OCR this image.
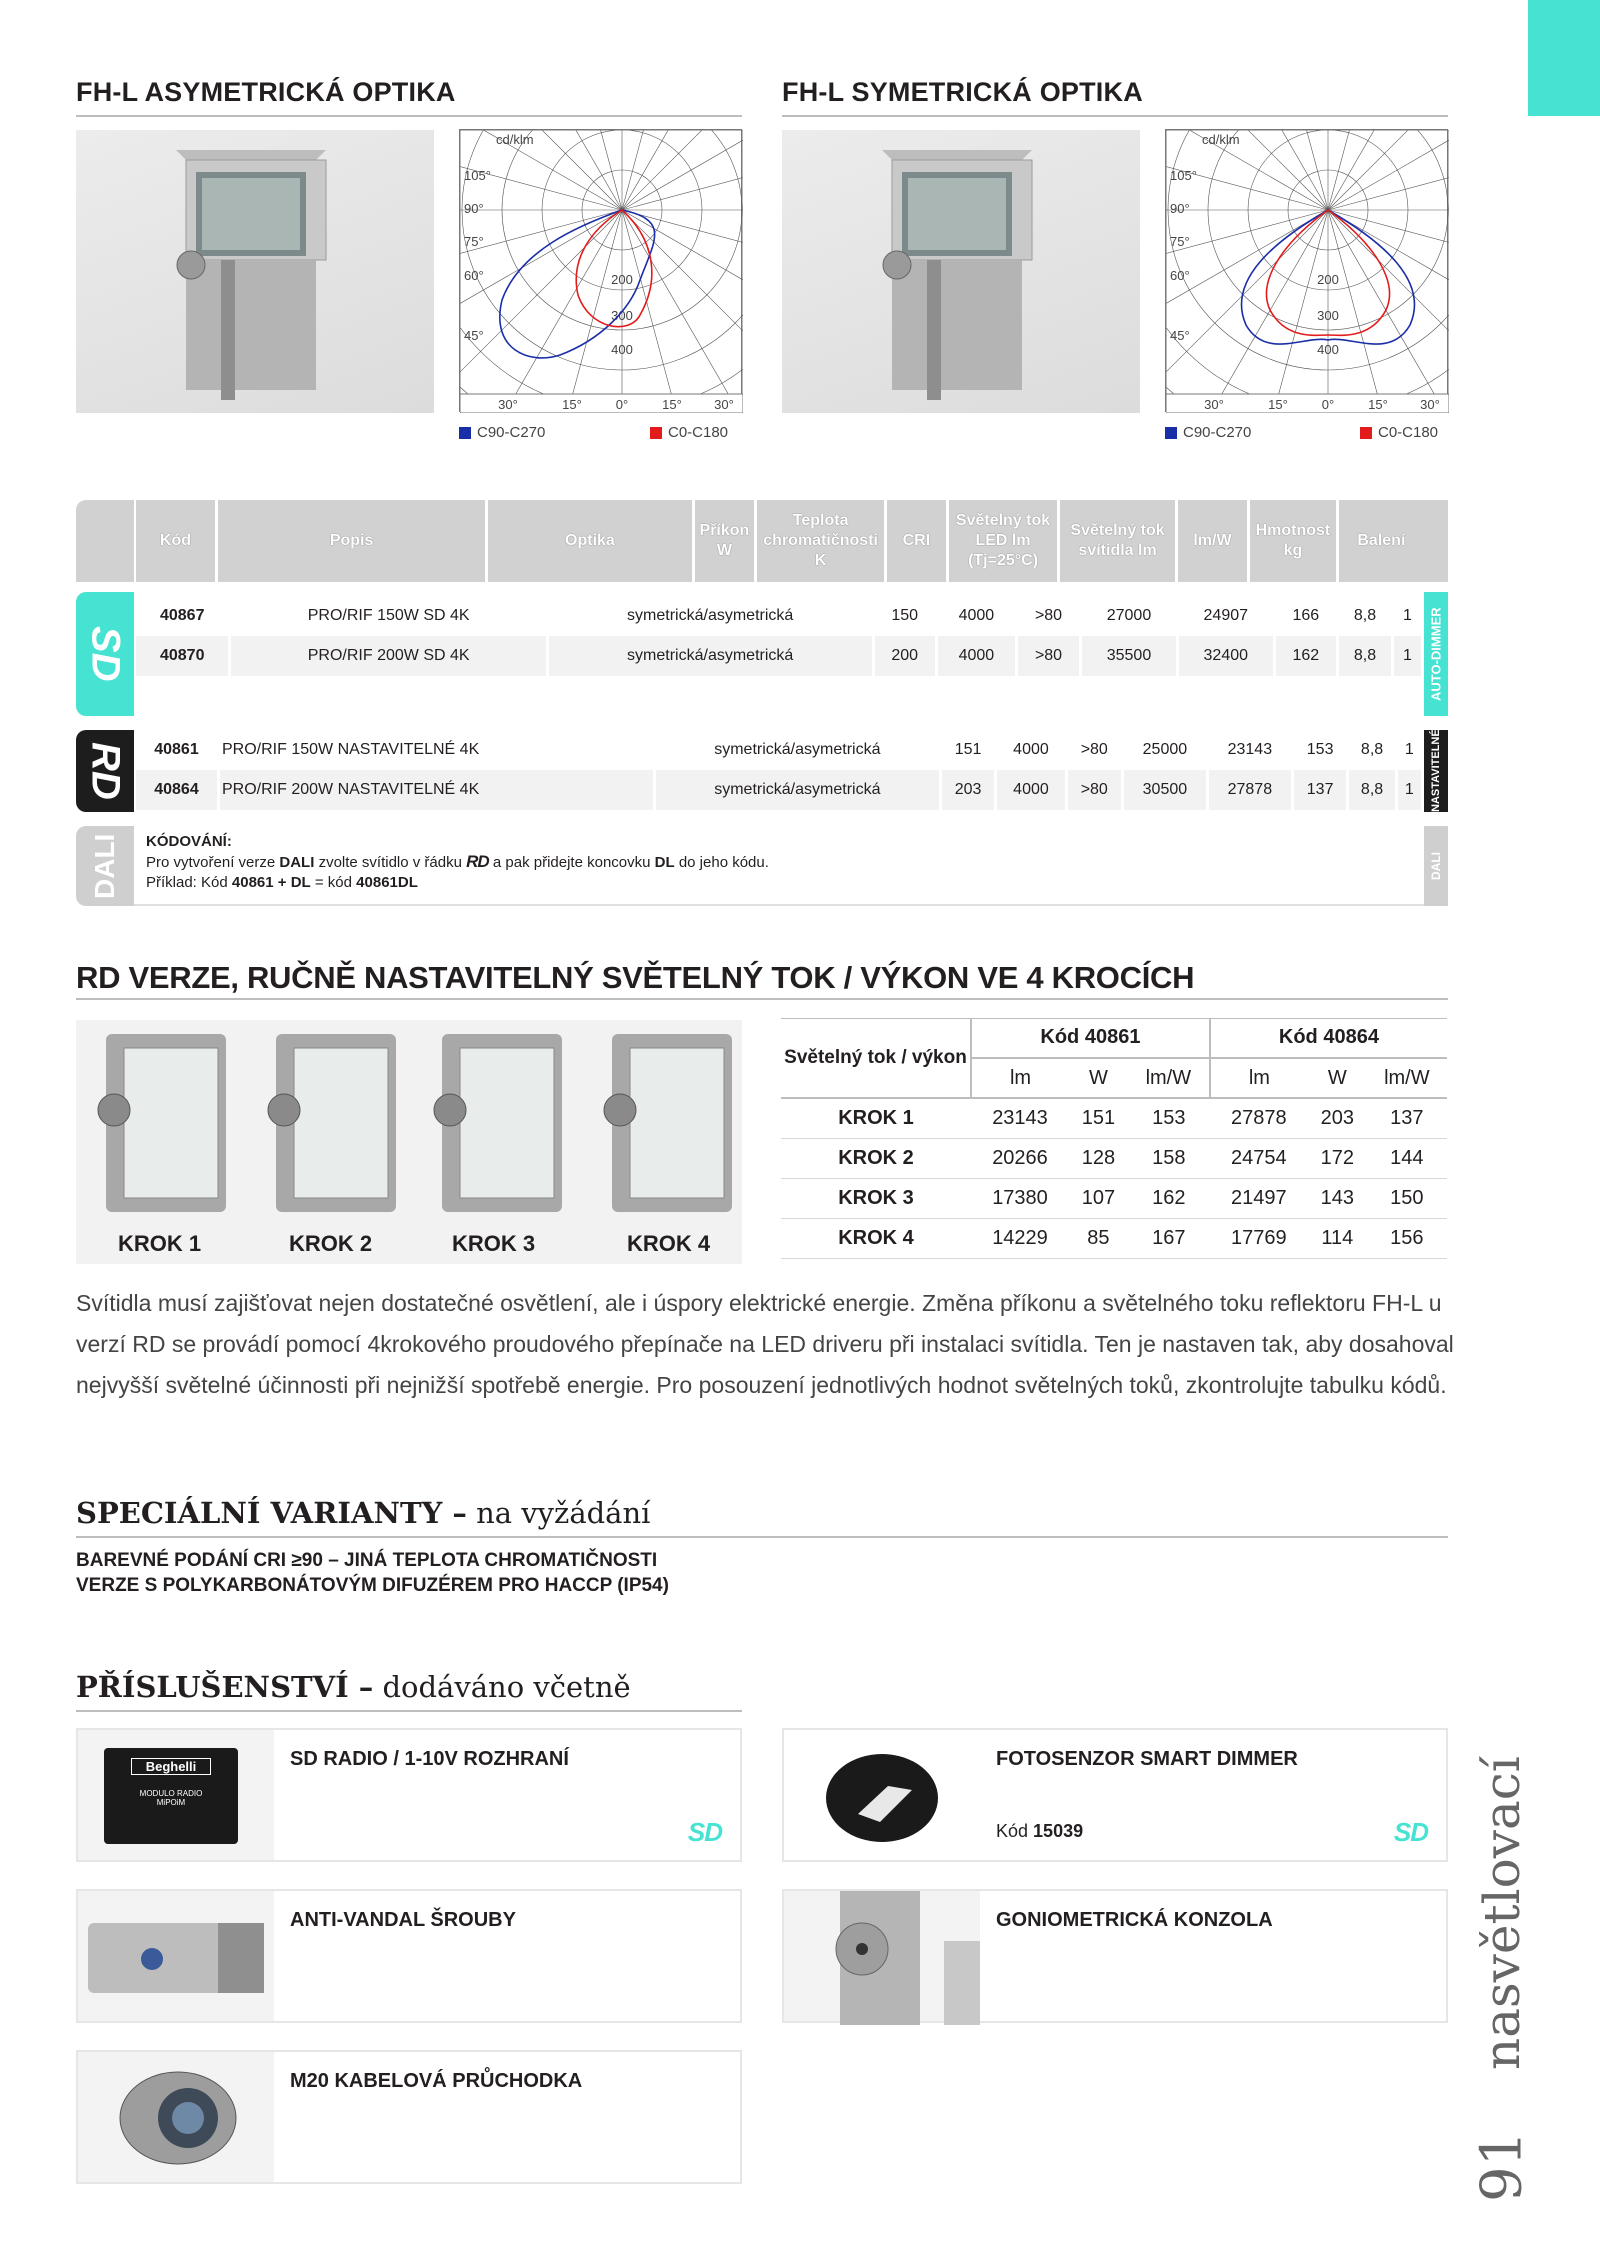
FH-L ASYMETRICKÁ OPTIKA	FH-L SYMETRICKÁ OPTIKA
cd/klm
105°
90°
75°
60°
45°
200
300
400
30°	15°	0°	15° 30°
cd/klm
105°
90°
75°
60°
45°
200
300
400
30°	15°	0°	15° 30°
C90-C270	C0-C180	C90-C270	C0-C180
Kód	Popis	Optika	Příkon W	Teplota chromatičnosti K	CRI	Světelný tok LED lm (Tj=25°C)	Světelný tok svítidla lm	lm/W	Hmotnost kg	Balení
SD	AUTO-DIMMER
40867	PRO/RIF 150W SD 4K	symetrická/asymetrická	150	4000	>80	27000	24907	166	8,8	1
40870	PRO/RIF 200W SD 4K	symetrická/asymetrická	200	4000	>80	35500	32400	162	8,8	1
RD	NASTAVITELNÉ
40861	PRO/RIF 150W NASTAVITELNÉ 4K	symetrická/asymetrická	151	4000	>80	25000	23143	153	8,8	1
40864	PRO/RIF 200W NASTAVITELNÉ 4K	symetrická/asymetrická	203	4000	>80	30500	27878	137	8,8	1
DALI	DALI
KÓDOVÁNÍ:
Pro vytvoření verze DALI zvolte svítidlo v řádku RD a pak přidejte koncovku DL do jeho kódu.
Příklad: Kód 40861 + DL = kód 40861DL
RD VERZE, RUČNĚ NASTAVITELNÝ SVĚTELNÝ TOK / VÝKON VE 4 KROCÍCH
KROK 1	KROK 2	KROK 3	KROK 4
Světelný tok / výkon	Kód 40861			Kód 40864		
	lm	W	lm/W	lm	W	lm/W
KROK 1	23143	151	153	27878	203	137
KROK 2	20266	128	158	24754	172	144
KROK 3	17380	107	162	21497	143	150
KROK 4	14229	85	167	17769	114	156
Svítidla musí zajišťovat nejen dostatečné osvětlení, ale i úspory elektrické energie. Změna příkonu a světelného toku reflektoru FH-L u verzí RD se provádí pomocí 4krokového proudového přepínače na LED driveru při instalaci svítidla. Ten je nastaven tak, aby dosahoval nejvyšší světelné účinnosti při nejnižší spotřebě energie. Pro posouzení jednotlivých hodnot světelných toků, zkontrolujte tabulku kódů.
SPECIÁLNÍ VARIANTY – na vyžádání
BAREVNÉ PODÁNÍ CRI ≥90 – JINÁ TEPLOTA CHROMATIČNOSTI
VERZE S POLYKARBONÁTOVÝM DIFUZÉREM PRO HACCP (IP54)
PŘÍSLUŠENSTVÍ – dodáváno včetně
Beghelli
MODULO RADIO
MiPOiM
SD RADIO / 1-10V ROZHRANÍ
SD
FOTOSENZOR SMART DIMMER
Kód 15039	SD
ANTI-VANDAL ŠROUBY	GONIOMETRICKÁ KONZOLA
M20 KABELOVÁ PRŮCHODKA
nasvětlovací
91
